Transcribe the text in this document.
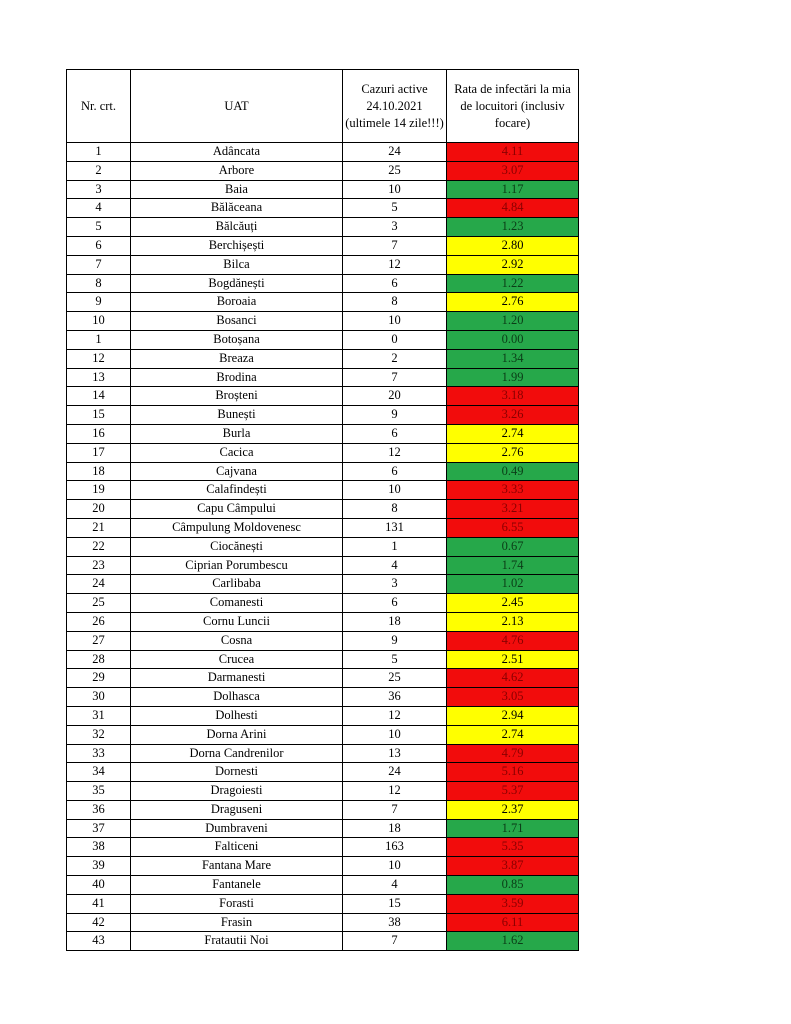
Nr. crt.	UAT	Cazuri active 24.10.2021 (ultimele 14 zile!!!)	Rata de infectări la mia de locuitori (inclusiv focare)
1	Adâncata	24	4.11
2	Arbore	25	3.07
3	Baia	10	1.17
4	Bălăceana	5	4.84
5	Bălcăuți	3	1.23
6	Berchișești	7	2.80
7	Bilca	12	2.92
8	Bogdănești	6	1.22
9	Boroaia	8	2.76
10	Bosanci	10	1.20
1	Botoșana	0	0.00
12	Breaza	2	1.34
13	Brodina	7	1.99
14	Broșteni	20	3.18
15	Bunești	9	3.26
16	Burla	6	2.74
17	Cacica	12	2.76
18	Cajvana	6	0.49
19	Calafindești	10	3.33
20	Capu Câmpului	8	3.21
21	Câmpulung Moldovenesc	131	6.55
22	Ciocănești	1	0.67
23	Ciprian Porumbescu	4	1.74
24	Carlibaba	3	1.02
25	Comanesti	6	2.45
26	Cornu Luncii	18	2.13
27	Cosna	9	4.76
28	Crucea	5	2.51
29	Darmanesti	25	4.62
30	Dolhasca	36	3.05
31	Dolhesti	12	2.94
32	Dorna Arini	10	2.74
33	Dorna Candrenilor	13	4.79
34	Dornesti	24	5.16
35	Dragoiesti	12	5.37
36	Draguseni	7	2.37
37	Dumbraveni	18	1.71
38	Falticeni	163	5.35
39	Fantana Mare	10	3.87
40	Fantanele	4	0.85
41	Forasti	15	3.59
42	Frasin	38	6.11
43	Fratautii Noi	7	1.62
